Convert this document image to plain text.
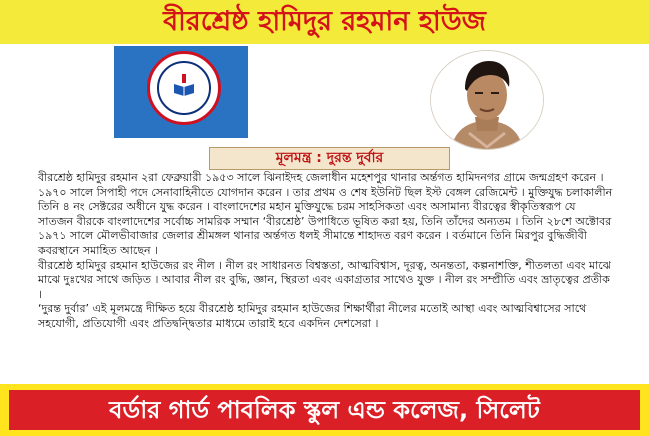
বীরশ্রেষ্ঠ হামিদুর রহমান হাউজ
মূলমন্ত্র : দুরন্ত দুর্বার

বীরশ্রেষ্ঠ হামিদুর রহমান ২রা ফেব্রুয়ারী ১৯৫৩ সালে ঝিনাইদহ জেলাধীন মহেশপুর থানার অর্ন্তগত হামিদনগর গ্রামে জন্মগ্রহণ করেন । ১৯৭০ সালে সিপাহী পদে সেনাবাহিনীতে যোগদান করেন । তার প্রথম ও শেষ ইউনিট ছিল ইস্ট বেঙ্গল রেজিমেন্ট । মুক্তিযুদ্ধ চলাকালীন তিনি ৪ নং সেক্টরের অধীনে যুদ্ধ করেন । বাংলাদেশের মহান মুক্তিযুদ্ধে চরম সাহসিকতা এবং অসামান্য বীরত্বের স্বীকৃতিস্বরূপ যে সাতজন বীরকে বাংলাদেশের সর্বোচ্চ সামরিক সম্মান ‘বীরশ্রেষ্ঠ’ উপাধিতে ভূষিত করা হয়, তিনি তাঁদের অন্যতম । তিনি ২৮শে অক্টোবর ১৯৭১ সালে মৌলভীবাজার জেলার শ্রীমঙ্গল থানার অর্ন্তগত ধলই সীমান্তে শাহাদত বরণ করেন । বর্তমানে তিনি মিরপুর বুদ্ধিজীবী কবরস্থানে সমাহিত আছেন ।

বীরশ্রেষ্ঠ হামিদুর রহমান হাউজের রং নীল । নীল রং সাধারনত বিশ্বস্ততা, আত্মবিশ্বাস, দূরত্ব, অনন্ততা, কল্পনাশক্তি, শীতলতা এবং মাঝে মাঝে দুঃখের সাথে জড়িত । আবার নীল রং বুদ্ধি, জ্ঞান, স্থিরতা এবং একাগ্রতার সাথেও যুক্ত । নীল রং সম্প্রীতি এবং ভ্রাতৃত্বের প্রতীক ।

‘দুরন্ত দুর্বার’ এই মূলমন্ত্রে দীক্ষিত হয়ে বীরশ্রেষ্ঠ হামিদুর রহমান হাউজের শিক্ষার্থীরা নীলের মতোই আস্থা এবং আত্মবিশ্বাসের সাথে সহযোগী, প্রতিযোগী এবং প্রতিদ্বন্দ্বিতার মাধ্যমে তারাই হবে একদিন দেশসেরা ।

বর্ডার গার্ড পাবলিক স্কুল এন্ড কলেজ, সিলেট
